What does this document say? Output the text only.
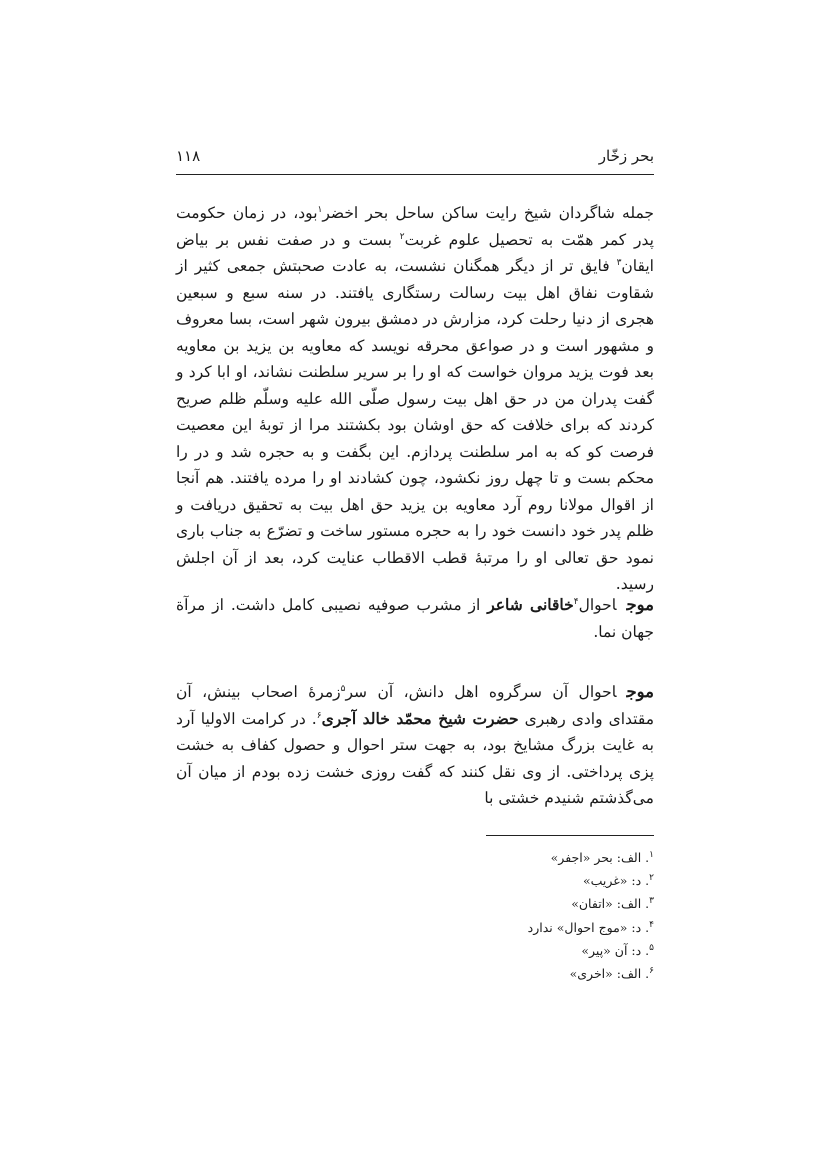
۱۱۸	بحر زخّار

جمله شاگردان شیخ رایت ساکن ساحل بحر اخضر$^۱$بود، در زمان حکومت پدر کمر همّت به تحصیل علوم غربت$^۲$ بست و در صفت نفس بر بیاض ایقان$^۳$ فایق تر از دیگر همگنان نشست، به عادت صحبتش جمعی کثیر از شقاوت نفاق اهل بیت رسالت رستگاری یافتند. در سنه سبع و سبعین هجری از دنیا رحلت کرد، مزارش در دمشق بیرون شهر است، بسا معروف و مشهور است و در صواعق محرقه نویسد که معاویه بن یزید بن معاویه بعد فوت یزید مروان خواست که او را بر سریر سلطنت نشاند، او ابا کرد و گفت پدران من در حق اهل بیت رسول صلّی الله علیه وسلّم ظلم صریح کردند که برای خلافت که حق اوشان بود بکشتند مرا از توبهٔ این معصیت فرصت کو که به امر سلطنت پردازم. این بگفت و به حجره شد و در را محکم بست و تا چهل روز نکشود، چون کشادند او را مرده یافتند. هم آنجا از اقوال مولانا روم آرد معاویه بن یزید حق اهل بیت به تحقیق دریافت و ظلم پدر خود دانست خود را به حجره مستور ساخت و تضرّع به جناب باری نمود حق تعالی او را مرتبهٔ قطب الاقطاب عنایت کرد، بعد از آن اجلش رسید.

موجاحوال$^۴$خاقانی شاعر از مشرب صوفیه نصیبی کامل داشت. از مرآة جهان نما.

موجاحوال آن سرگروه اهل دانش، آن سر$^۵$زمرهٔ اصحاب بینش، آن مقتدای وادی رهبری حضرت شیخ محمّد خالد آجری$^۶$. در کرامت الاولیا آرد به غایت بزرگ مشایخ بود، به جهت ستر احوال و حصول کفاف به خشت پزی پرداختی. از وی نقل کنند که گفت روزی خشت زده بودم از میان آن می‌گذشتم شنیدم خشتی با

$^۱$. الف: بحر «اجفر»
$^۲$. د: «غریب»
$^۳$. الف: «اتفان»
$^۴$. د: «موج احوال» ندارد
$^۵$. د: آن «پیر»
$^۶$. الف: «اخری»
